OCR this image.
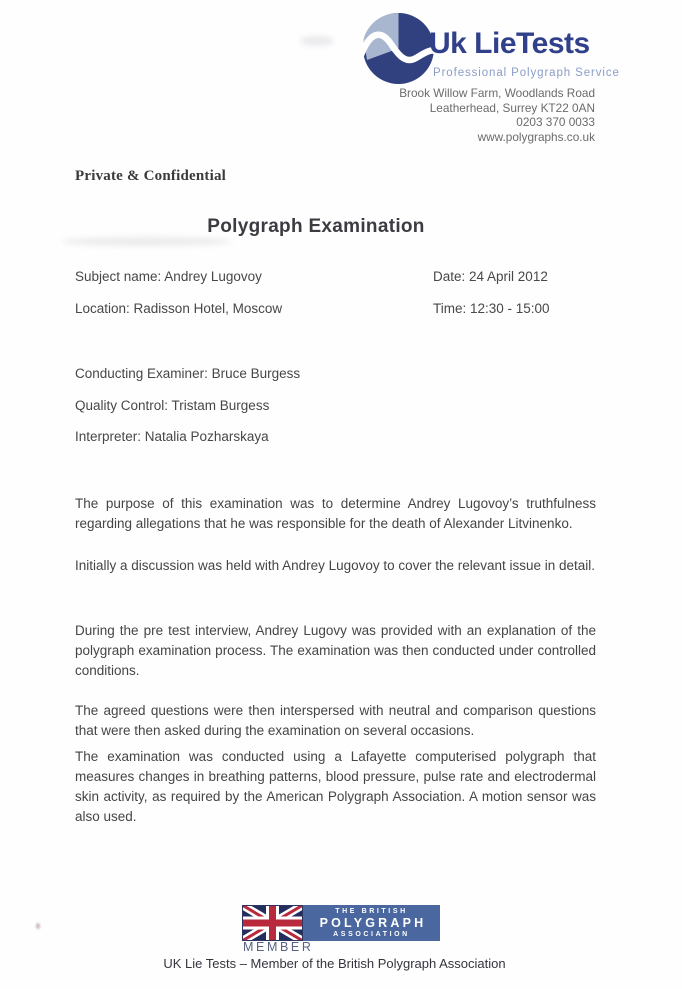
Uk LieTests
Professional Polygraph Service
Brook Willow Farm, Woodlands Road
Leatherhead, Surrey KT22 0AN
0203 370 0033
www.polygraphs.co.uk
Private & Confidential
Polygraph Examination
Subject name: Andrey Lugovoy	Date: 24 April 2012
Location: Radisson Hotel, Moscow	Time: 12:30 - 15:00
Conducting Examiner: Bruce Burgess
Quality Control: Tristam Burgess
Interpreter: Natalia Pozharskaya
The purpose of this examination was to determine Andrey Lugovoy’s truthfulness regarding allegations that he was responsible for the death of Alexander Litvinenko.
Initially a discussion was held with Andrey Lugovoy to cover the relevant issue in detail.
During the pre test interview, Andrey Lugovy was provided with an explanation of the polygraph examination process. The examination was then conducted under controlled conditions.
The agreed questions were then interspersed with neutral and comparison questions that were then asked during the examination on several occasions.
The examination was conducted using a Lafayette computerised polygraph that measures changes in breathing patterns, blood pressure, pulse rate and electrodermal skin activity, as required by the American Polygraph Association. A motion sensor was also used.
THE BRITISH
POLYGRAPH
ASSOCIATION
MEMBER
UK Lie Tests – Member of the British Polygraph Association
